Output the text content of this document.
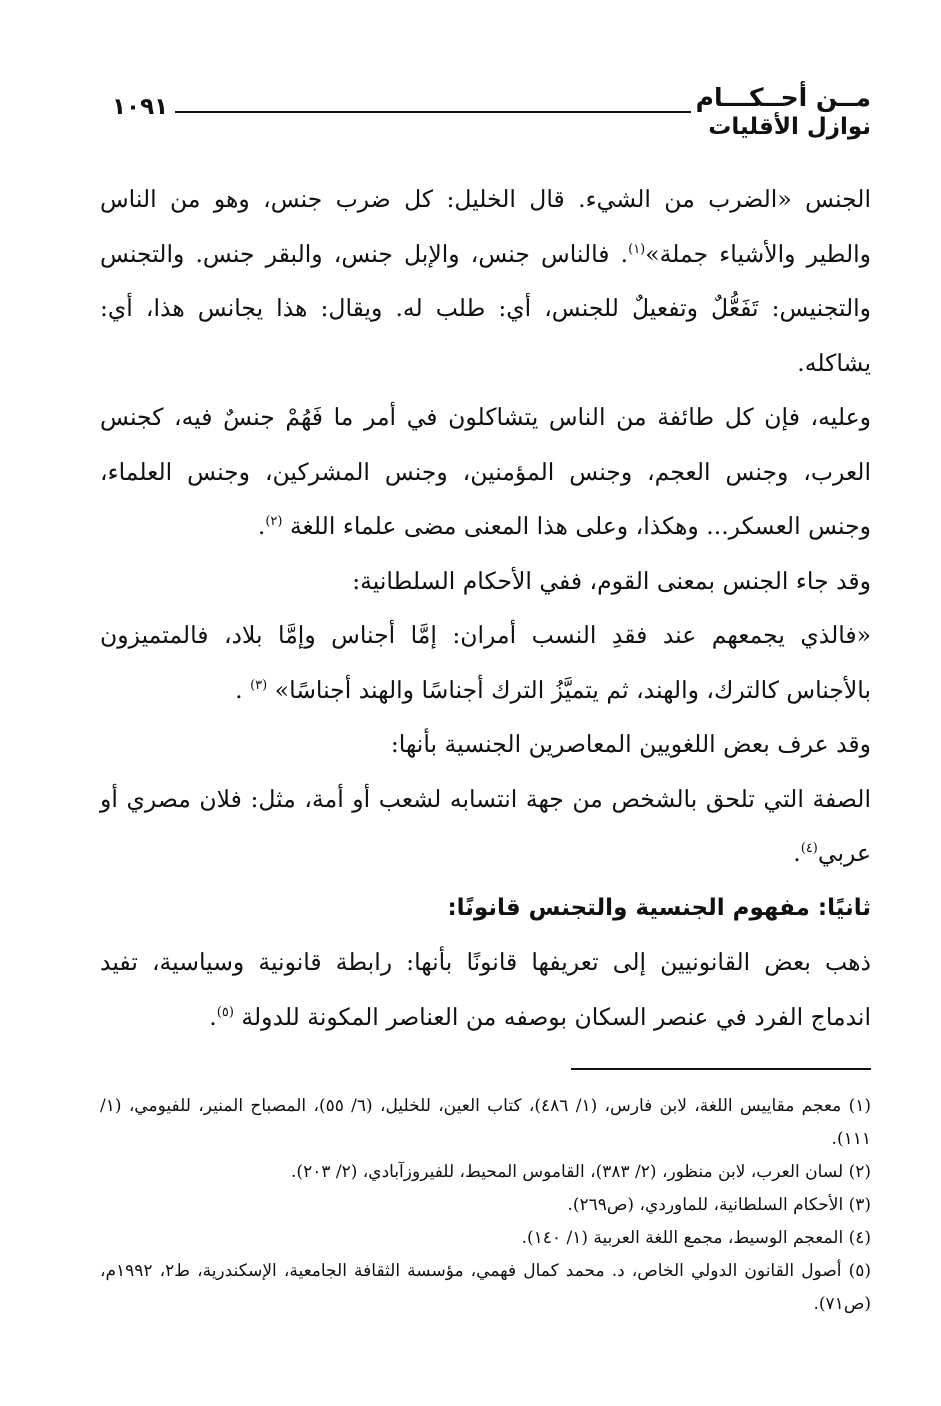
مــن أحــكـــام
نوازل الأقليات
١٠٩١

الجنس «الضرب من الشيء. قال الخليل: كل ضرب جنس، وهو من الناس والطير والأشياء جملة»$^{(١)}$. فالناس جنس، والإبل جنس، والبقر جنس. والتجنس والتجنيس: تَفَعُّلٌ وتفعيلٌ للجنس، أي: طلب له. ويقال: هذا يجانس هذا، أي: يشاكله.

وعليه، فإن كل طائفة من الناس يتشاكلون في أمر ما فَهُمْ جنسٌ فيه، كجنس العرب، وجنس العجم، وجنس المؤمنين، وجنس المشركين، وجنس العلماء، وجنس العسكر... وهكذا، وعلى هذا المعنى مضى علماء اللغة $^{(٢)}$.

وقد جاء الجنس بمعنى القوم، ففي الأحكام السلطانية:

«فالذي يجمعهم عند فقدِ النسب أمران: إمَّا أجناس وإمَّا بلاد، فالمتميزون بالأجناس كالترك، والهند، ثم يتميَّزُ الترك أجناسًا والهند أجناسًا» $^{(٣)}$ .

وقد عرف بعض اللغويين المعاصرين الجنسية بأنها:

الصفة التي تلحق بالشخص من جهة انتسابه لشعب أو أمة، مثل: فلان مصري أو عربي$^{(٤)}$.

ثانيًا: مفهوم الجنسية والتجنس قانونًا:

ذهب بعض القانونيين إلى تعريفها قانونًا بأنها: رابطة قانونية وسياسية، تفيد اندماج الفرد في عنصر السكان بوصفه من العناصر المكونة للدولة $^{(٥)}$.

(١) معجم مقاييس اللغة، لابن فارس، (١/ ٤٨٦)، كتاب العين، للخليل، (٦/ ٥٥)، المصباح المنير، للفيومي، (١/ ١١١).

(٢) لسان العرب، لابن منظور، (٢/ ٣٨٣)، القاموس المحيط، للفيروزآبادي، (٢/ ٢٠٣).

(٣) الأحكام السلطانية، للماوردي، (ص٢٦٩).

(٤) المعجم الوسيط، مجمع اللغة العربية (١/ ١٤٠).

(٥) أصول القانون الدولي الخاص، د. محمد كمال فهمي، مؤسسة الثقافة الجامعية، الإسكندرية، ط٢، ١٩٩٢م، (ص٧١).
